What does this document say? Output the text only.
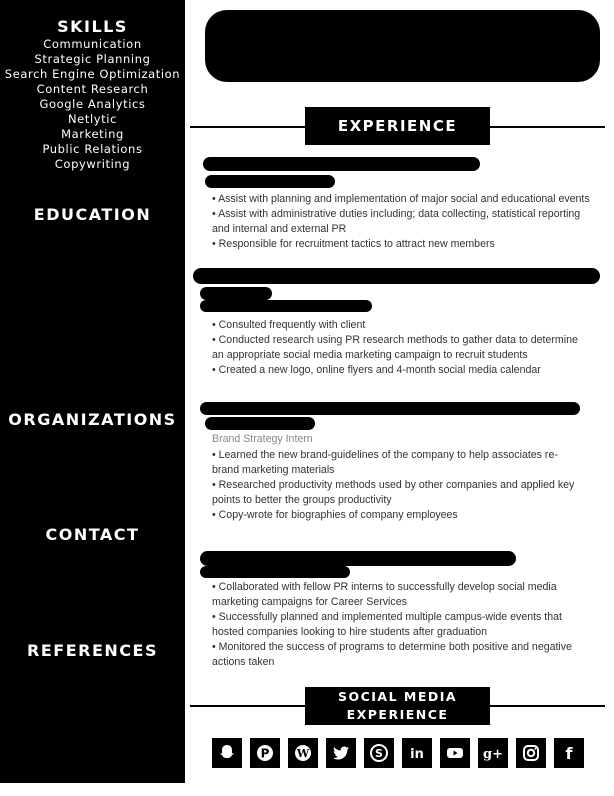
SKILLS
Communication
Strategic Planning
Search Engine Optimization
Content Research
Google Analytics
Netlytic
Marketing
Public Relations
Copywriting
EDUCATION
ORGANIZATIONS
CONTACT
REFERENCES
EXPERIENCE
• Assist with planning and implementation of major social and educational events
• Assist with administrative duties including; data collecting, statistical reporting
and internal and external PR
• Responsible for recruitment tactics to attract new members
• Consulted frequently with client
• Conducted research using PR research methods to gather data to determine
an appropriate social media marketing campaign to recruit students
• Created a new logo, online flyers and 4-month social media calendar
Brand Strategy Intern
• Learned the new brand-guidelines of the company to help associates re-
brand marketing materials
• Researched productivity methods used by other companies and applied key
points to better the groups productivity
• Copy-wrote for biographies of company employees
• Collaborated with fellow PR interns to successfully develop social media
marketing campaigns for Career Services
• Successfully planned and implemented multiple campus-wide events that
hosted companies looking to hire students after graduation
• Monitored the success of programs to determine both positive and negative
actions taken
SOCIAL MEDIA
EXPERIENCE
P W	S in	g+	f
